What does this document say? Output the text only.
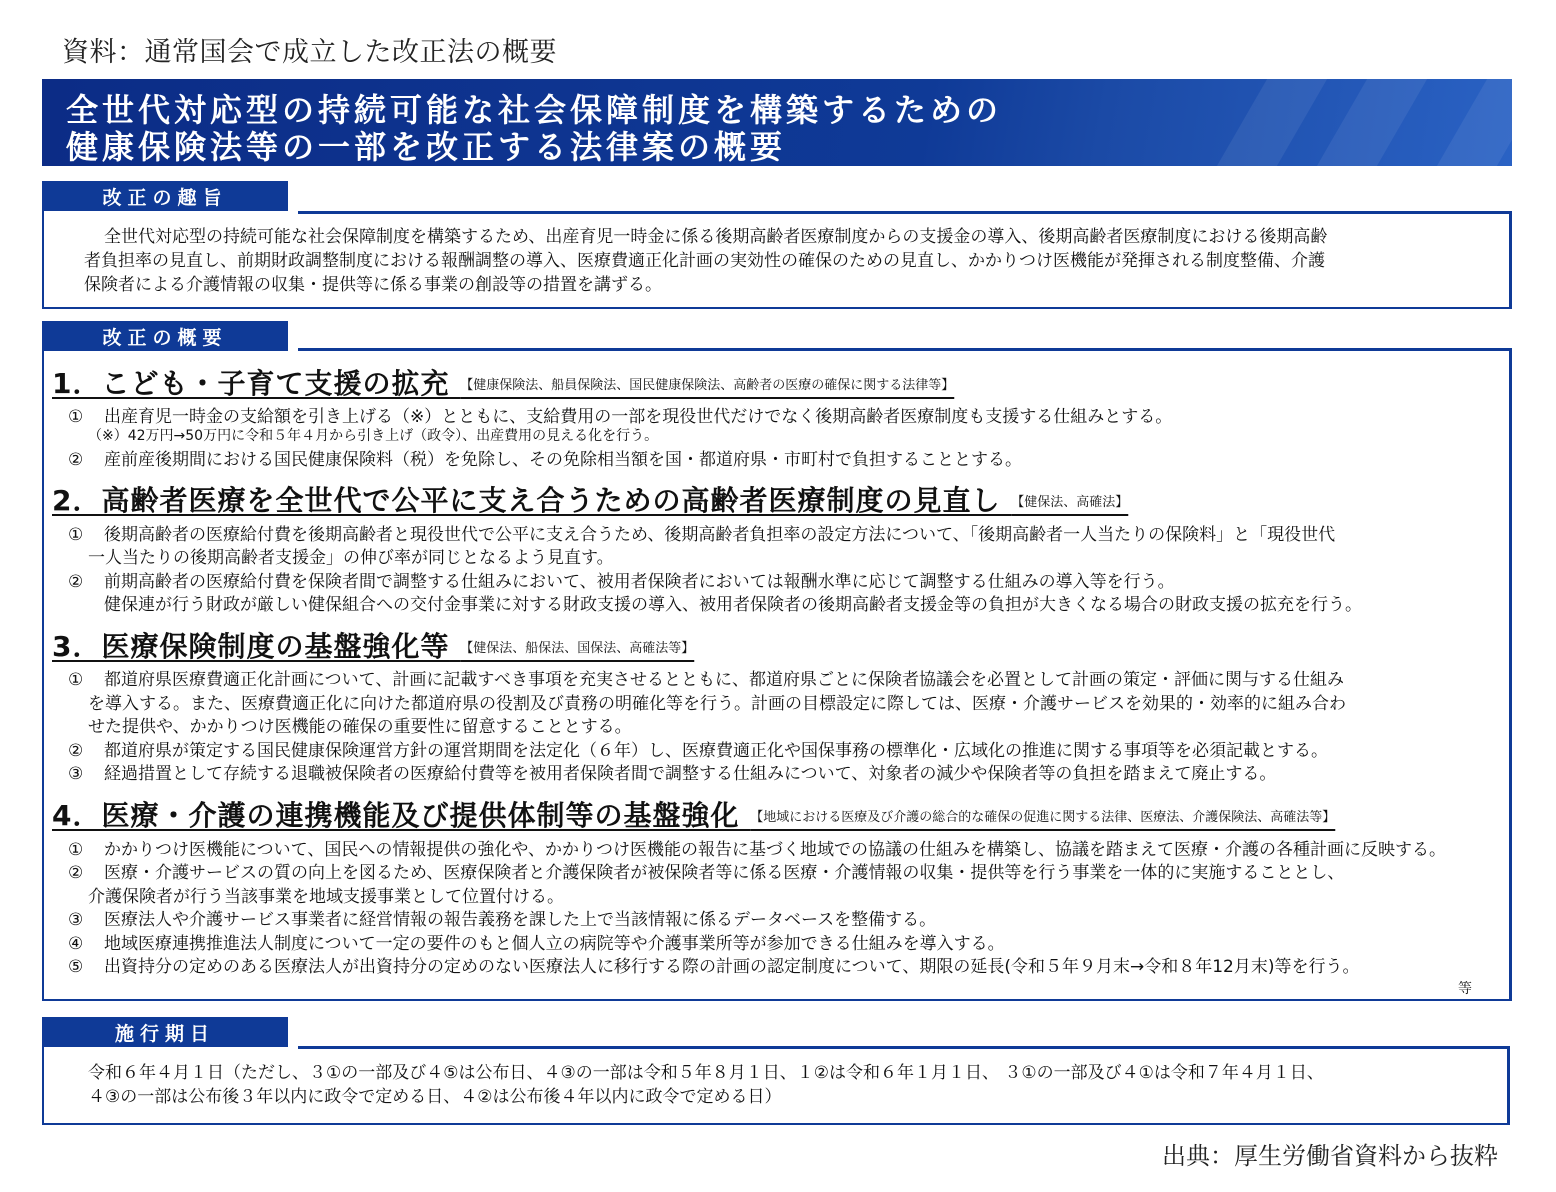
資料：通常国会で成立した改正法の概要
全世代対応型の持続可能な社会保障制度を構築するための
健康保険法等の一部を改正する法律案の概要
改正の趣旨
全世代対応型の持続可能な社会保障制度を構築するため、出産育児一時金に係る後期高齢者医療制度からの支援金の導入、後期高齢者医療制度における後期高齢
者負担率の見直し、前期財政調整制度における報酬調整の導入、医療費適正化計画の実効性の確保のための見直し、かかりつけ医機能が発揮される制度整備、介護
保険者による介護情報の収集・提供等に係る事業の創設等の措置を講ずる。
改正の概要
1．こども・子育て支援の拡充 【健康保険法、船員保険法、国民健康保険法、高齢者の医療の確保に関する法律等】
① 出産育児一時金の支給額を引き上げる（※）とともに、支給費用の一部を現役世代だけでなく後期高齢者医療制度も支援する仕組みとする。
（※）42万円→50万円に令和５年４月から引き上げ（政令）、出産費用の見える化を行う。
② 産前産後期間における国民健康保険料（税）を免除し、その免除相当額を国・都道府県・市町村で負担することとする。
2．高齢者医療を全世代で公平に支え合うための高齢者医療制度の見直し 【健保法、高確法】
① 後期高齢者の医療給付費を後期高齢者と現役世代で公平に支え合うため、後期高齢者負担率の設定方法について、「後期高齢者一人当たりの保険料」と「現役世代
一人当たりの後期高齢者支援金」の伸び率が同じとなるよう見直す。
② 前期高齢者の医療給付費を保険者間で調整する仕組みにおいて、被用者保険者においては報酬水準に応じて調整する仕組みの導入等を行う。
健保連が行う財政が厳しい健保組合への交付金事業に対する財政支援の導入、被用者保険者の後期高齢者支援金等の負担が大きくなる場合の財政支援の拡充を行う。
3．医療保険制度の基盤強化等 【健保法、船保法、国保法、高確法等】
① 都道府県医療費適正化計画について、計画に記載すべき事項を充実させるとともに、都道府県ごとに保険者協議会を必置として計画の策定・評価に関与する仕組み
を導入する。また、医療費適正化に向けた都道府県の役割及び責務の明確化等を行う。計画の目標設定に際しては、医療・介護サービスを効果的・効率的に組み合わ
せた提供や、かかりつけ医機能の確保の重要性に留意することとする。
② 都道府県が策定する国民健康保険運営方針の運営期間を法定化（６年）し、医療費適正化や国保事務の標準化・広域化の推進に関する事項等を必須記載とする。
③ 経過措置として存続する退職被保険者の医療給付費等を被用者保険者間で調整する仕組みについて、対象者の減少や保険者等の負担を踏まえて廃止する。
4．医療・介護の連携機能及び提供体制等の基盤強化 【地域における医療及び介護の総合的な確保の促進に関する法律、医療法、介護保険法、高確法等】
① かかりつけ医機能について、国民への情報提供の強化や、かかりつけ医機能の報告に基づく地域での協議の仕組みを構築し、協議を踏まえて医療・介護の各種計画に反映する。
② 医療・介護サービスの質の向上を図るため、医療保険者と介護保険者が被保険者等に係る医療・介護情報の収集・提供等を行う事業を一体的に実施することとし、
介護保険者が行う当該事業を地域支援事業として位置付ける。
③ 医療法人や介護サービス事業者に経営情報の報告義務を課した上で当該情報に係るデータベースを整備する。
④ 地域医療連携推進法人制度について一定の要件のもと個人立の病院等や介護事業所等が参加できる仕組みを導入する。
⑤ 出資持分の定めのある医療法人が出資持分の定めのない医療法人に移行する際の計画の認定制度について、期限の延長(令和５年９月末→令和８年12月末)等を行う。
等
施行期日
令和６年４月１日（ただし、３①の一部及び４⑤は公布日、４③の一部は令和５年８月１日、１②は令和６年１月１日、 ３①の一部及び４①は令和７年４月１日、
４③の一部は公布後３年以内に政令で定める日、４②は公布後４年以内に政令で定める日）
出典：厚生労働省資料から抜粋
